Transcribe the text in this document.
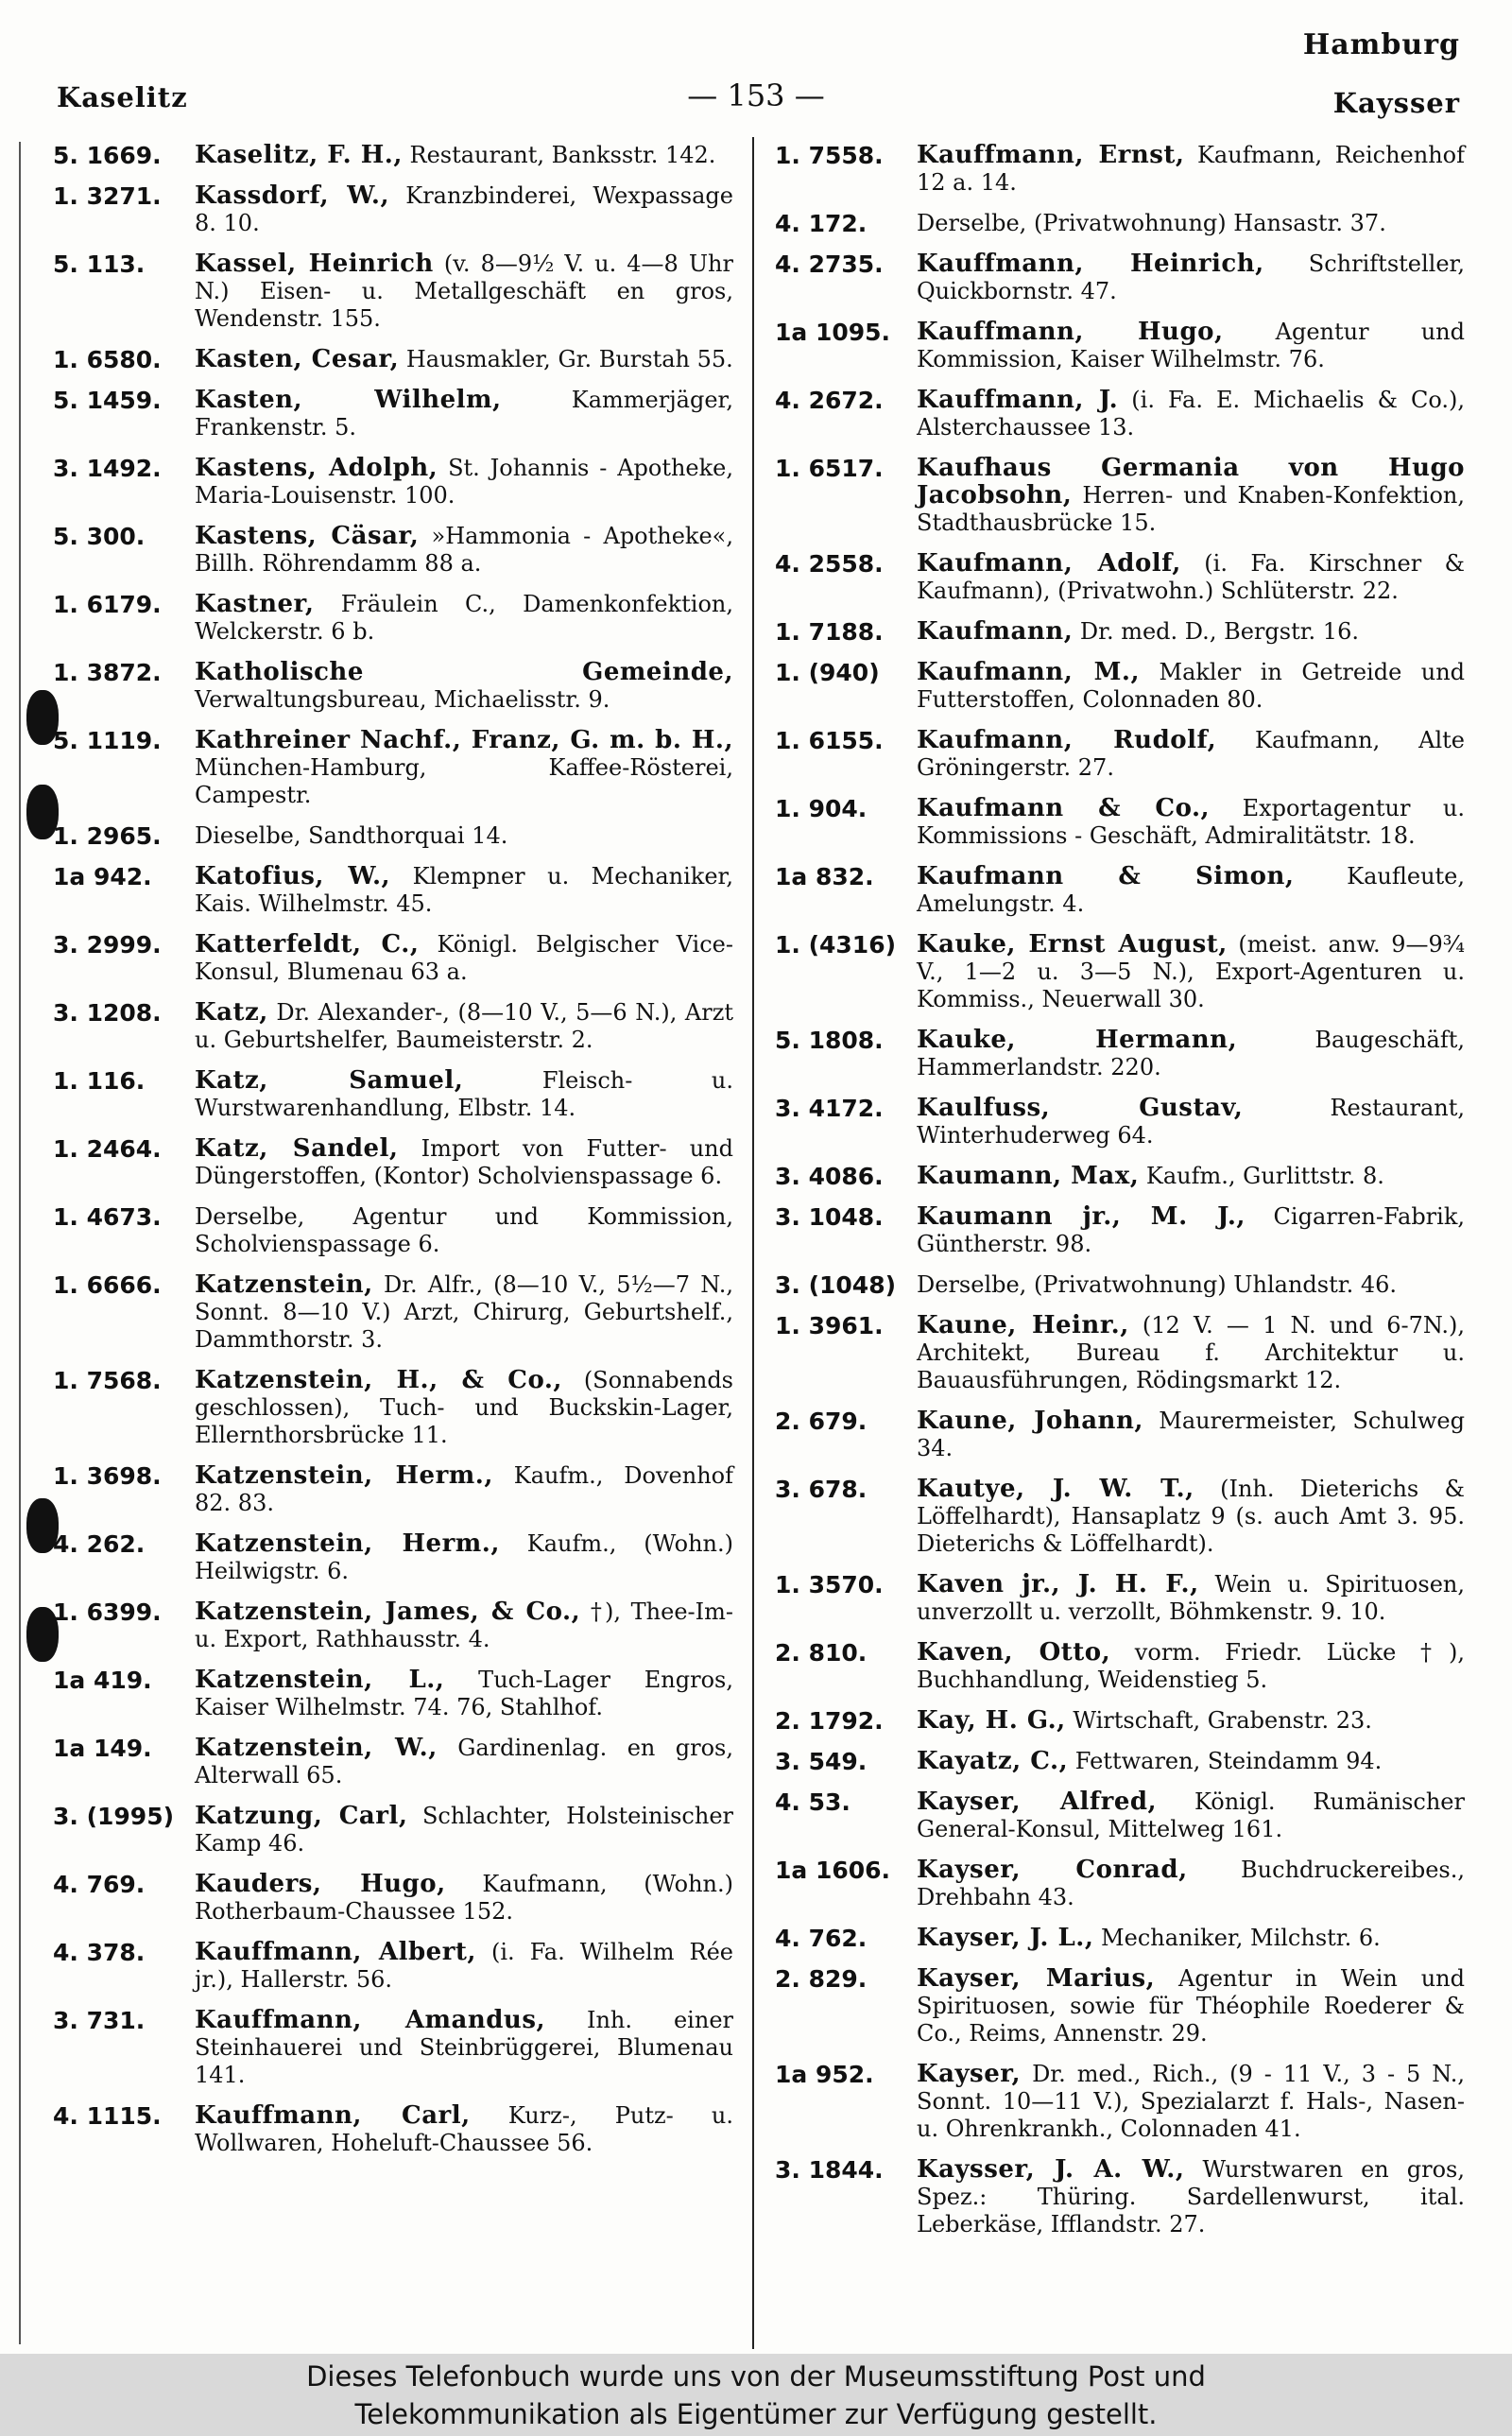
Hamburg
Kaselitz	— 153 —	Kaysser
5. 1669.	Kaselitz, F. H., Restaurant, Banksstr. 142.
1. 3271.	Kassdorf, W., Kranzbinderei, Wexpassage 8. 10.
5. 113.	Kassel, Heinrich (v. 8—9½ V. u. 4—8 Uhr N.) Eisen- u. Metallgeschäft en gros, Wendenstr. 155.
1. 6580.	Kasten, Cesar, Hausmakler, Gr. Burstah 55.
5. 1459.	Kasten, Wilhelm, Kammerjäger, Frankenstr. 5.
3. 1492.	Kastens, Adolph, St. Johannis - Apotheke, Maria-Louisenstr. 100.
5. 300.	Kastens, Cäsar, »Hammonia - Apotheke«, Billh. Röhrendamm 88 a.
1. 6179.	Kastner, Fräulein C., Damenkonfektion, Welckerstr. 6 b.
1. 3872.	Katholische Gemeinde, Verwaltungsbureau, Michaelisstr. 9.
5. 1119.	Kathreiner Nachf., Franz, G. m. b. H., München-Hamburg, Kaffee-Rösterei, Campestr.
1. 2965.	Dieselbe, Sandthorquai 14.
1a 942.	Katofius, W., Klempner u. Mechaniker, Kais. Wilhelmstr. 45.
3. 2999.	Katterfeldt, C., Königl. Belgischer Vice-Konsul, Blumenau 63 a.
3. 1208.	Katz, Dr. Alexander-, (8—10 V., 5—6 N.), Arzt u. Geburtshelfer, Baumeisterstr. 2.
1. 116.	Katz, Samuel, Fleisch- u. Wurstwarenhandlung, Elbstr. 14.
1. 2464.	Katz, Sandel, Import von Futter- und Düngerstoffen, (Kontor) Scholvienspassage 6.
1. 4673.	Derselbe, Agentur und Kommission, Scholvienspassage 6.
1. 6666.	Katzenstein, Dr. Alfr., (8—10 V., 5½—7 N., Sonnt. 8—10 V.) Arzt, Chirurg, Geburtshelf., Dammthorstr. 3.
1. 7568.	Katzenstein, H., & Co., (Sonnabends geschlossen), Tuch- und Buckskin-Lager, Ellernthorsbrücke 11.
1. 3698.	Katzenstein, Herm., Kaufm., Dovenhof 82. 83.
4. 262.	Katzenstein, Herm., Kaufm., (Wohn.) Heilwigstr. 6.
1. 6399.	Katzenstein, James, & Co., †), Thee-Im- u. Export, Rathhausstr. 4.
1a 419.	Katzenstein, L., Tuch-Lager Engros, Kaiser Wilhelmstr. 74. 76, Stahlhof.
1a 149.	Katzenstein, W., Gardinenlag. en gros, Alterwall 65.
3. (1995) Katzung, Carl, Schlachter, Holsteinischer Kamp 46.
4. 769.	Kauders, Hugo, Kaufmann, (Wohn.) Rotherbaum-Chaussee 152.
4. 378.	Kauffmann, Albert, (i. Fa. Wilhelm Rée jr.), Hallerstr. 56.
3. 731.	Kauffmann, Amandus, Inh. einer Steinhauerei und Steinbrüggerei, Blumenau 141.
4. 1115.	Kauffmann, Carl, Kurz-, Putz- u. Wollwaren, Hoheluft-Chaussee 56.
1. 7558.	Kauffmann, Ernst, Kaufmann, Reichenhof 12 a. 14.
4. 172.	Derselbe, (Privatwohnung) Hansastr. 37.
4. 2735.	Kauffmann, Heinrich, Schriftsteller, Quickbornstr. 47.
1a 1095.	Kauffmann, Hugo, Agentur und Kommission, Kaiser Wilhelmstr. 76.
4. 2672.	Kauffmann, J. (i. Fa. E. Michaelis & Co.), Alsterchaussee 13.
1. 6517.	Kaufhaus Germania von Hugo Jacobsohn, Herren- und Knaben-Konfektion, Stadthausbrücke 15.
4. 2558.	Kaufmann, Adolf, (i. Fa. Kirschner & Kaufmann), (Privatwohn.) Schlüterstr. 22.
1. 7188.	Kaufmann, Dr. med. D., Bergstr. 16.
1. (940)	Kaufmann, M., Makler in Getreide und Futterstoffen, Colonnaden 80.
1. 6155.	Kaufmann, Rudolf, Kaufmann, Alte Gröningerstr. 27.
1. 904.	Kaufmann & Co., Exportagentur u. Kommissions - Geschäft, Admiralitätstr. 18.
1a 832.	Kaufmann & Simon, Kaufleute, Amelungstr. 4.
1. (4316) Kauke, Ernst August, (meist. anw. 9—9¾ V., 1—2 u. 3—5 N.), Export-Agenturen u. Kommiss., Neuerwall 30.
5. 1808.	Kauke, Hermann, Baugeschäft, Hammerlandstr. 220.
3. 4172.	Kaulfuss, Gustav, Restaurant, Winterhuderweg 64.
3. 4086.	Kaumann, Max, Kaufm., Gurlittstr. 8.
3. 1048.	Kaumann jr., M. J., Cigarren-Fabrik, Güntherstr. 98.
3. (1048) Derselbe, (Privatwohnung) Uhlandstr. 46.
1. 3961.	Kaune, Heinr., (12 V. — 1 N. und 6-7N.), Architekt, Bureau f. Architektur u. Bauausführungen, Rödingsmarkt 12.
2. 679.	Kaune, Johann, Maurermeister, Schulweg 34.
3. 678.	Kautye, J. W. T., (Inh. Dieterichs & Löffelhardt), Hansaplatz 9 (s. auch Amt 3. 95. Dieterichs & Löffelhardt).
1. 3570.	Kaven jr., J. H. F., Wein u. Spirituosen, unverzollt u. verzollt, Böhmkenstr. 9. 10.
2. 810.	Kaven, Otto, vorm. Friedr. Lücke †), Buchhandlung, Weidenstieg 5.
2. 1792.	Kay, H. G., Wirtschaft, Grabenstr. 23.
3. 549.	Kayatz, C., Fettwaren, Steindamm 94.
4. 53.	Kayser, Alfred, Königl. Rumänischer General-Konsul, Mittelweg 161.
1a 1606.	Kayser, Conrad, Buchdruckereibes., Drehbahn 43.
4. 762.	Kayser, J. L., Mechaniker, Milchstr. 6.
2. 829.	Kayser, Marius, Agentur in Wein und Spirituosen, sowie für Théophile Roederer & Co., Reims, Annenstr. 29.
1a 952.	Kayser, Dr. med., Rich., (9 - 11 V., 3 - 5 N., Sonnt. 10—11 V.), Spezialarzt f. Hals-, Nasen- u. Ohrenkrankh., Colonnaden 41.
3. 1844.	Kaysser, J. A. W., Wurstwaren en gros, Spez.: Thüring. Sardellenwurst, ital. Leberkäse, Ifflandstr. 27.
Dieses Telefonbuch wurde uns von der Museumsstiftung Post und
Telekommunikation als Eigentümer zur Verfügung gestellt.
